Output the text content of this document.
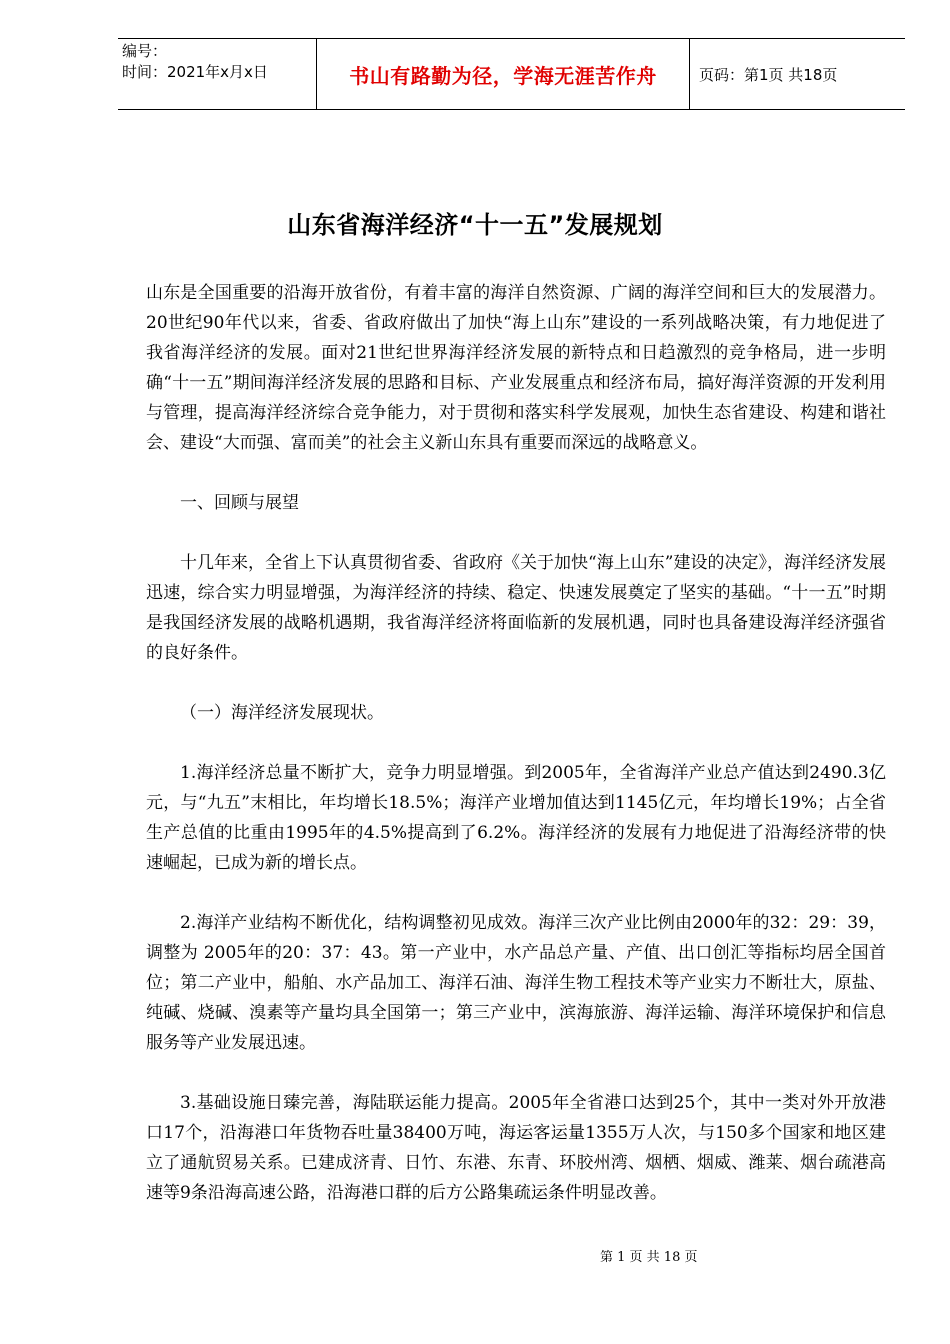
编号：
时间：2021年x月x日	书山有路勤为径，学海无涯苦作舟	页码：第1页 共18页
山东省海洋经济“十一五”发展规划

山东是全国重要的沿海开放省份，有着丰富的海洋自然资源、广阔的海洋空间和巨大的发展潜力。20世纪90年代以来，省委、省政府做出了加快“海上山东”建设的一系列战略决策，有力地促进了我省海洋经济的发展。面对21世纪世界海洋经济发展的新特点和日趋激烈的竞争格局，进一步明确“十一五”期间海洋经济发展的思路和目标、产业发展重点和经济布局，搞好海洋资源的开发利用与管理，提高海洋经济综合竞争能力，对于贯彻和落实科学发展观，加快生态省建设、构建和谐社会、建设“大而强、富而美”的社会主义新山东具有重要而深远的战略意义。

一、回顾与展望

十几年来，全省上下认真贯彻省委、省政府《关于加快“海上山东”建设的决定》，海洋经济发展迅速，综合实力明显增强，为海洋经济的持续、稳定、快速发展奠定了坚实的基础。“十一五”时期是我国经济发展的战略机遇期，我省海洋经济将面临新的发展机遇，同时也具备建设海洋经济强省的良好条件。

（一）海洋经济发展现状。

1.海洋经济总量不断扩大，竞争力明显增强。到2005年，全省海洋产业总产值达到2490.3亿元，与“九五”末相比，年均增长18.5%；海洋产业增加值达到1145亿元，年均增长19%；占全省生产总值的比重由1995年的4.5%提高到了6.2%。海洋经济的发展有力地促进了沿海经济带的快速崛起，已成为新的增长点。

2.海洋产业结构不断优化，结构调整初见成效。海洋三次产业比例由2000年的32：29：39，调整为 2005年的20：37：43。第一产业中，水产品总产量、产值、出口创汇等指标均居全国首位；第二产业中，船舶、水产品加工、海洋石油、海洋生物工程技术等产业实力不断壮大，原盐、纯碱、烧碱、溴素等产量均具全国第一；第三产业中，滨海旅游、海洋运输、海洋环境保护和信息服务等产业发展迅速。

3.基础设施日臻完善，海陆联运能力提高。2005年全省港口达到25个，其中一类对外开放港口17个，沿海港口年货物吞吐量38400万吨，海运客运量1355万人次，与150多个国家和地区建立了通航贸易关系。已建成济青、日竹、东港、东青、环胶州湾、烟栖、烟威、潍莱、烟台疏港高速等9条沿海高速公路，沿海港口群的后方公路集疏运条件明显改善。

第 1 页 共 18 页
